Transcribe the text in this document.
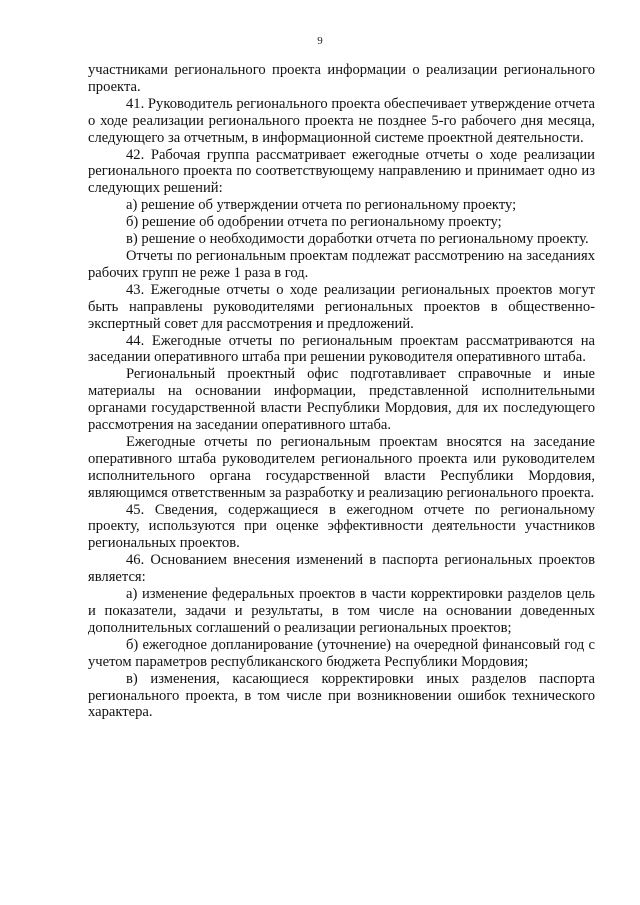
9

участниками регионального проекта информации о реализации регионального проекта.

41. Руководитель регионального проекта обеспечивает утверждение отчета о ходе реализации регионального проекта не позднее 5-го рабочего дня месяца, следующего за отчетным, в информационной системе проектной деятельности.

42. Рабочая группа рассматривает ежегодные отчеты о ходе реализации регионального проекта по соответствующему направлению и принимает одно из следующих решений:

а) решение об утверждении отчета по региональному проекту;

б) решение об одобрении отчета по региональному проекту;

в) решение о необходимости доработки отчета по региональному проекту.

Отчеты по региональным проектам подлежат рассмотрению на заседаниях рабочих групп не реже 1 раза в год.

43. Ежегодные отчеты о ходе реализации региональных проектов могут быть направлены руководителями региональных проектов в общественно-экспертный совет для рассмотрения и предложений.

44. Ежегодные отчеты по региональным проектам рассматриваются на заседании оперативного штаба при решении руководителя оперативного штаба.

Региональный проектный офис подготавливает справочные и иные материалы на основании информации, представленной исполнительными органами государственной власти Республики Мордовия, для их последующего рассмотрения на заседании оперативного штаба.

Ежегодные отчеты по региональным проектам вносятся на заседание оперативного штаба руководителем регионального проекта или руководителем исполнительного органа государственной власти Республики Мордовия, являющимся ответственным за разработку и реализацию регионального проекта.

45. Сведения, содержащиеся в ежегодном отчете по региональному проекту, используются при оценке эффективности деятельности участников региональных проектов.

46. Основанием внесения изменений в паспорта региональных проектов является:

а) изменение федеральных проектов в части корректировки разделов цель и показатели, задачи и результаты, в том числе на основании доведенных дополнительных соглашений о реализации региональных проектов;

б) ежегодное допланирование (уточнение) на очередной финансовый год с учетом параметров республиканского бюджета Республики Мордовия;

в) изменения, касающиеся корректировки иных разделов паспорта регионального проекта, в том числе при возникновении ошибок технического характера.
